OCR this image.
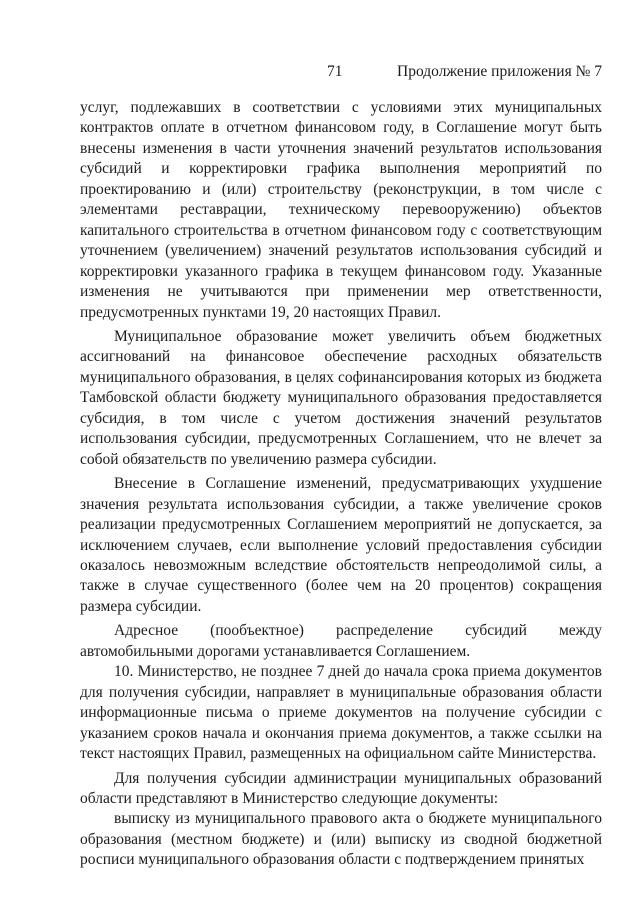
71	Продолжение приложения № 7

услуг, подлежавших в соответствии с условиями этих муниципальных контрактов оплате в отчетном финансовом году, в Соглашение могут быть внесены изменения в части уточнения значений результатов использования субсидий и корректировки графика выполнения мероприятий по проектированию и (или) строительству (реконструкции, в том числе с элементами реставрации, техническому перевооружению) объектов капитального строительства в отчетном финансовом году с соответствующим уточнением (увеличением) значений результатов использования субсидий и корректировки указанного графика в текущем финансовом году. Указанные изменения не учитываются при применении мер ответственности, предусмотренных пунктами 19, 20 настоящих Правил.

Муниципальное образование может увеличить объем бюджетных ассигнований на финансовое обеспечение расходных обязательств муниципального образования, в целях софинансирования которых из бюджета Тамбовской области бюджету муниципального образования предоставляется субсидия, в том числе с учетом достижения значений результатов использования субсидии, предусмотренных Соглашением, что не влечет за собой обязательств по увеличению размера субсидии.

Внесение в Соглашение изменений, предусматривающих ухудшение значения результата использования субсидии, а также увеличение сроков реализации предусмотренных Соглашением мероприятий не допускается, за исключением случаев, если выполнение условий предоставления субсидии оказалось невозможным вследствие обстоятельств непреодолимой силы, а также в случае существенного (более чем на 20 процентов) сокращения размера субсидии.

Адресное (пообъектное) распределение субсидий между автомобильными дорогами устанавливается Соглашением.

10. Министерство, не позднее 7 дней до начала срока приема документов для получения субсидии, направляет в муниципальные образования области информационные письма о приеме документов на получение субсидии с указанием сроков начала и окончания приема документов, а также ссылки на текст настоящих Правил, размещенных на официальном сайте Министерства.

Для получения субсидии администрации муниципальных образований области представляют в Министерство следующие документы:

выписку из муниципального правового акта о бюджете муниципального образования (местном бюджете) и (или) выписку из сводной бюджетной росписи муниципального образования области с подтверждением принятых
